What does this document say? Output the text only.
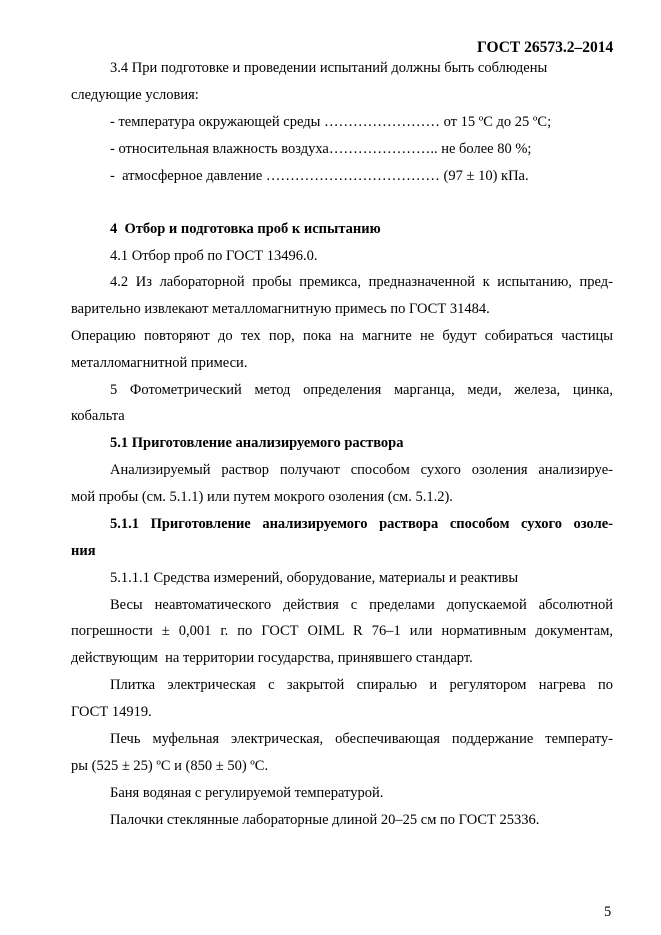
ГОСТ 26573.2–2014
3.4 При подготовке и проведении испытаний должны быть соблюдены
следующие условия:
- температура окружающей среды …………………… от 15 ºС до 25 ºС;
- относительная влажность воздуха………………….. не более 80 %;
-  атмосферное давление ……………………………… (97 ± 10) кПа.
4  Отбор и подготовка проб к испытанию
4.1 Отбор проб по ГОСТ 13496.0.
4.2 Из лабораторной пробы премикса, предназначенной к испытанию, пред-
варительно извлекают металломагнитную примесь по ГОСТ 31484.
Операцию повторяют до тех пор, пока на магните не будут собираться частицы
металломагнитной примеси.
5 Фотометрический метод определения марганца, меди, железа, цинка,
кобальта
5.1 Приготовление анализируемого раствора
Анализируемый раствор получают способом сухого озоления анализируе-
мой пробы (см. 5.1.1) или путем мокрого озоления (см. 5.1.2).
5.1.1 Приготовление анализируемого раствора способом сухого озоле-
ния
5.1.1.1 Средства измерений, оборудование, материалы и реактивы
Весы неавтоматического действия с пределами допускаемой абсолютной
погрешности ± 0,001 г. по ГОСТ OIML R 76–1 или нормативным документам,
действующим  на территории государства, принявшего стандарт.
Плитка электрическая с закрытой спиралью и регулятором нагрева по
ГОСТ 14919.
Печь муфельная электрическая, обеспечивающая поддержание температу-
ры (525 ± 25) ºС и (850 ± 50) ºС.
Баня водяная с регулируемой температурой.
Палочки стеклянные лабораторные длиной 20–25 см по ГОСТ 25336.
5
